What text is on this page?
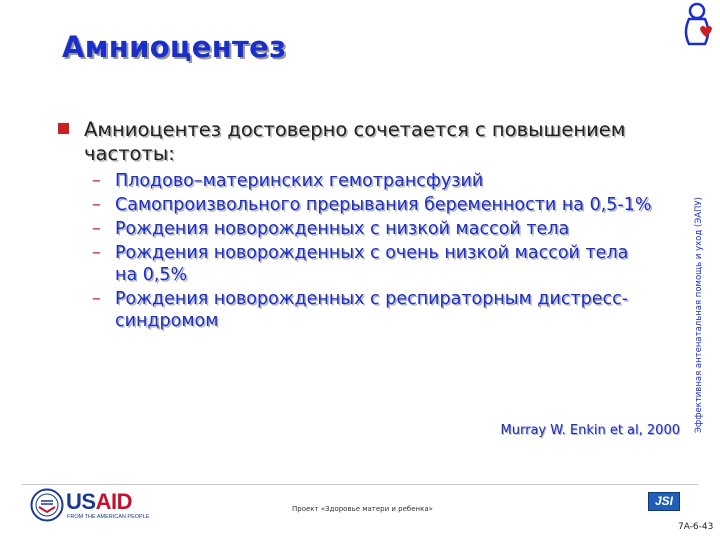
Амниоцентез
Амниоцентез достоверно сочетается с повышением частоты:
– Плодово–материнских гемотрансфузий
– Самопроизвольного прерывания беременности на 0,5-1%
– Рождения новорожденных с низкой массой тела
– Рождения новорожденных с очень низкой массой тела на 0,5%
– Рождения новорожденных с респираторным дистресс-синдромом
Murray W. Enkin et al, 2000 Эффективная антенатальная помощь и уход (ЭАПУ)
USAID
FROM THE AMERICAN PEOPLE
Проект «Здоровье матери и ребенка»
JSI
7A-6-43
